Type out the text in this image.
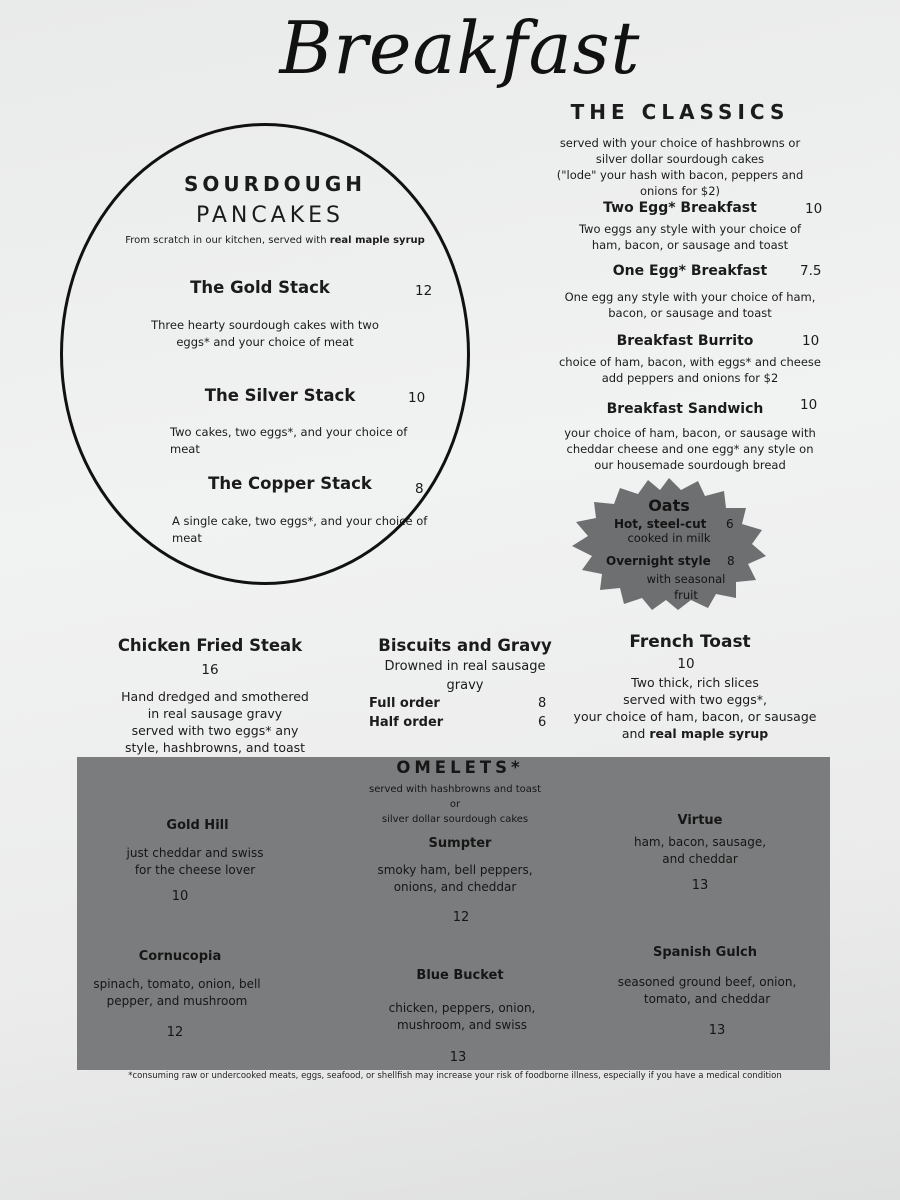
Breakfast
THE CLASSICS
served with your choice of hashbrowns or
silver dollar sourdough cakes
("lode" your hash with bacon, peppers and
onions for $2)
Two Egg* Breakfast	10
Two eggs any style with your choice of
ham, bacon, or sausage and toast
One Egg* Breakfast	7.5
One egg any style with your choice of ham,
bacon, or sausage and toast
Breakfast Burrito	10
choice of ham, bacon, with eggs* and cheese
add peppers and onions for $2
Breakfast Sandwich	10
your choice of ham, bacon, or sausage with
cheddar cheese and one egg* any style on
our housemade sourdough bread
SOURDOUGH
PANCAKES
From scratch in our kitchen, served with real maple syrup
The Gold Stack	12
Three hearty sourdough cakes with two
eggs* and your choice of meat
The Silver Stack	10
Two cakes, two eggs*, and your choice of
meat
The Copper Stack	8
A single cake, two eggs*, and your choice of
meat
Oats
Hot, steel-cut 6
cooked in milk
Overnight style 8
with seasonal
fruit
Chicken Fried Steak
16
Hand dredged and smothered
in real sausage gravy
served with two eggs* any
style, hashbrowns, and toast
Biscuits and Gravy
Drowned in real sausage
gravy
Full order	8
Half order	6
French Toast
10
Two thick, rich slices
served with two eggs*,
your choice of ham, bacon, or sausage
and real maple syrup
OMELETS*
served with hashbrowns and toast
or
silver dollar sourdough cakes
Gold Hill
just cheddar and swiss
for the cheese lover
10
Sumpter
smoky ham, bell peppers,
onions, and cheddar
12
Virtue
ham, bacon, sausage,
and cheddar
13
Cornucopia
spinach, tomato, onion, bell
pepper, and mushroom
12
Blue Bucket
chicken, peppers, onion,
mushroom, and swiss
13
Spanish Gulch
seasoned ground beef, onion,
tomato, and cheddar
13
*consuming raw or undercooked meats, eggs, seafood, or shellfish may increase your risk of foodborne illness, especially if you have a medical condition
